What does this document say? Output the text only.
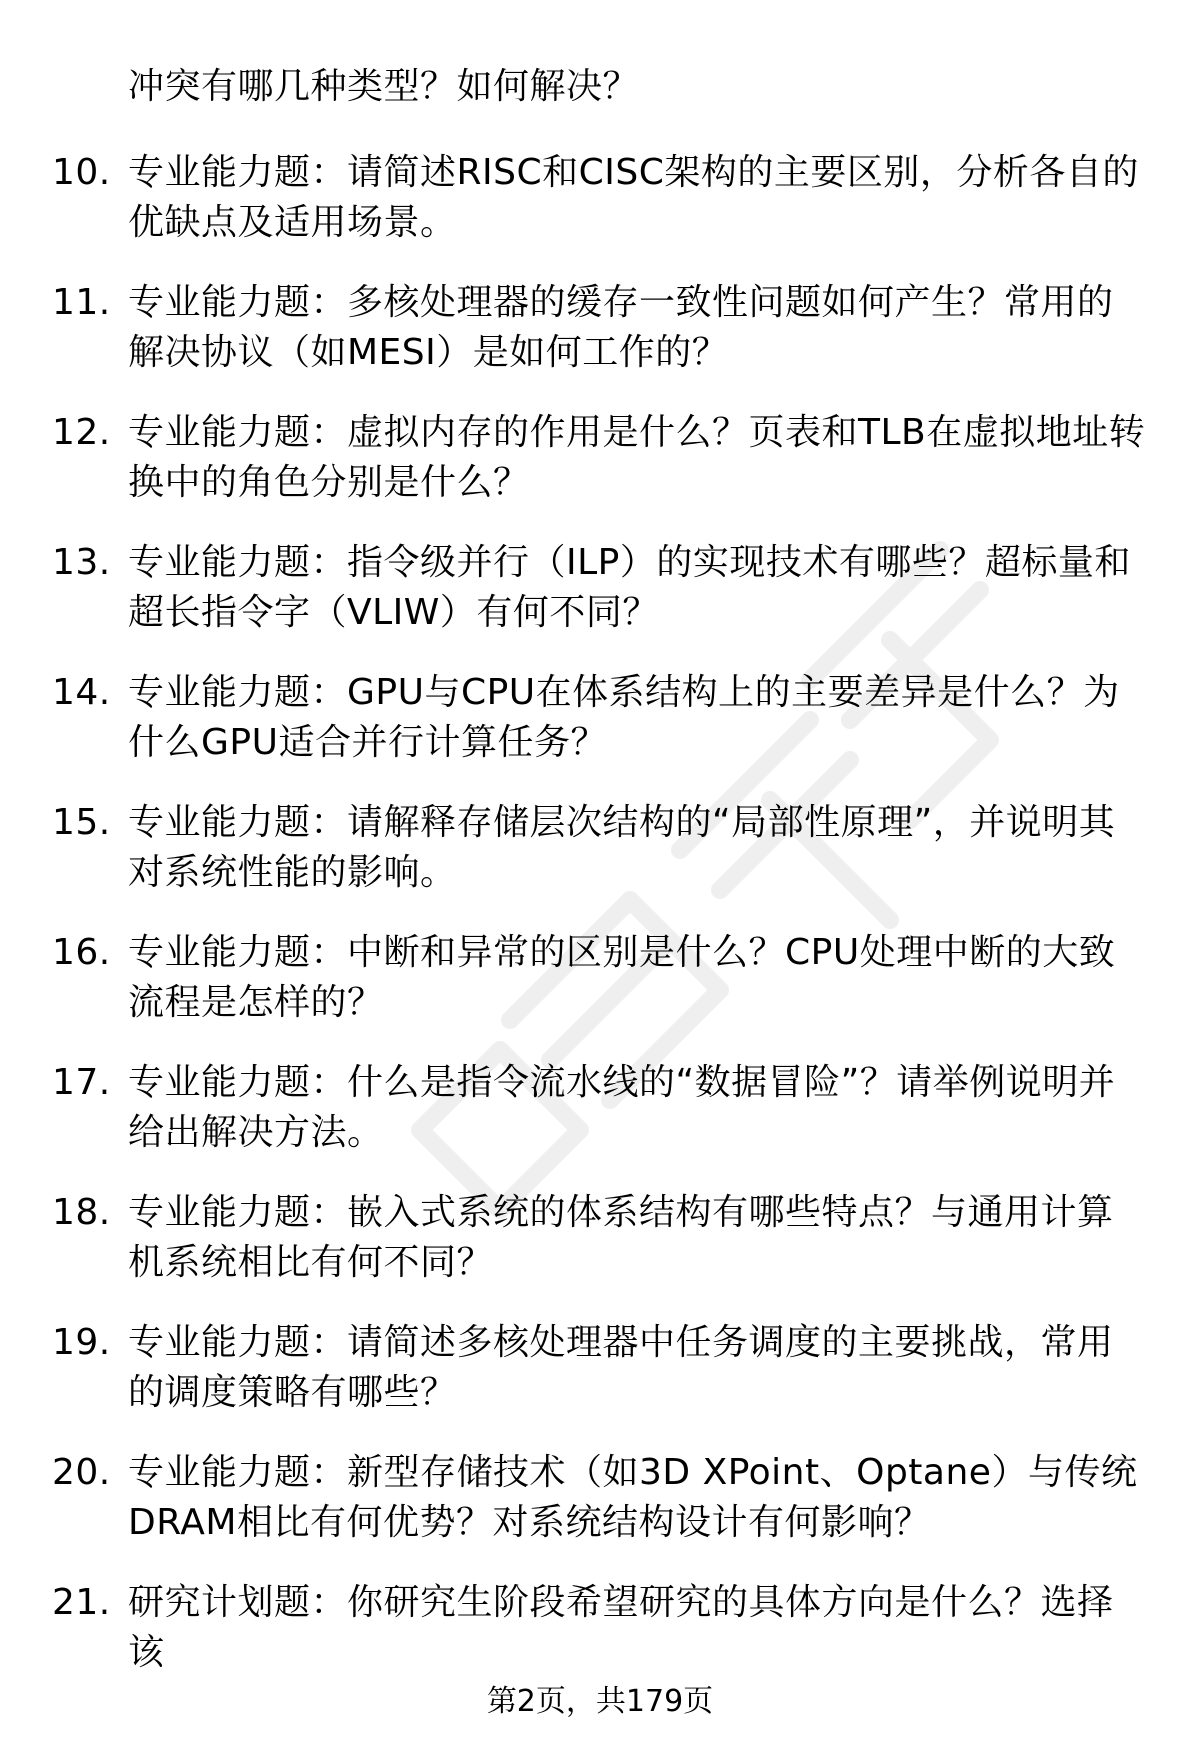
冲突有哪几种类型？如何解决？
10. 专业能力题：请简述RISC和CISC架构的主要区别，分析各自的优缺点及适用场景。
11. 专业能力题：多核处理器的缓存一致性问题如何产生？常用的解决协议（如MESI）是如何工作的？
12. 专业能力题：虚拟内存的作用是什么？页表和TLB在虚拟地址转换中的角色分别是什么？
13. 专业能力题：指令级并行（ILP）的实现技术有哪些？超标量和超长指令字（VLIW）有何不同？
14. 专业能力题：GPU与CPU在体系结构上的主要差异是什么？为什么GPU适合并行计算任务？
15. 专业能力题：请解释存储层次结构的“局部性原理”，并说明其对系统性能的影响。
16. 专业能力题：中断和异常的区别是什么？CPU处理中断的大致流程是怎样的？
17. 专业能力题：什么是指令流水线的“数据冒险”？请举例说明并给出解决方法。
18. 专业能力题：嵌入式系统的体系结构有哪些特点？与通用计算机系统相比有何不同？
19. 专业能力题：请简述多核处理器中任务调度的主要挑战，常用的调度策略有哪些？
20. 专业能力题：新型存储技术（如3D XPoint、Optane）与传统DRAM相比有何优势？对系统结构设计有何影响？
21. 研究计划题：你研究生阶段希望研究的具体方向是什么？选择该
第2页，共179页
